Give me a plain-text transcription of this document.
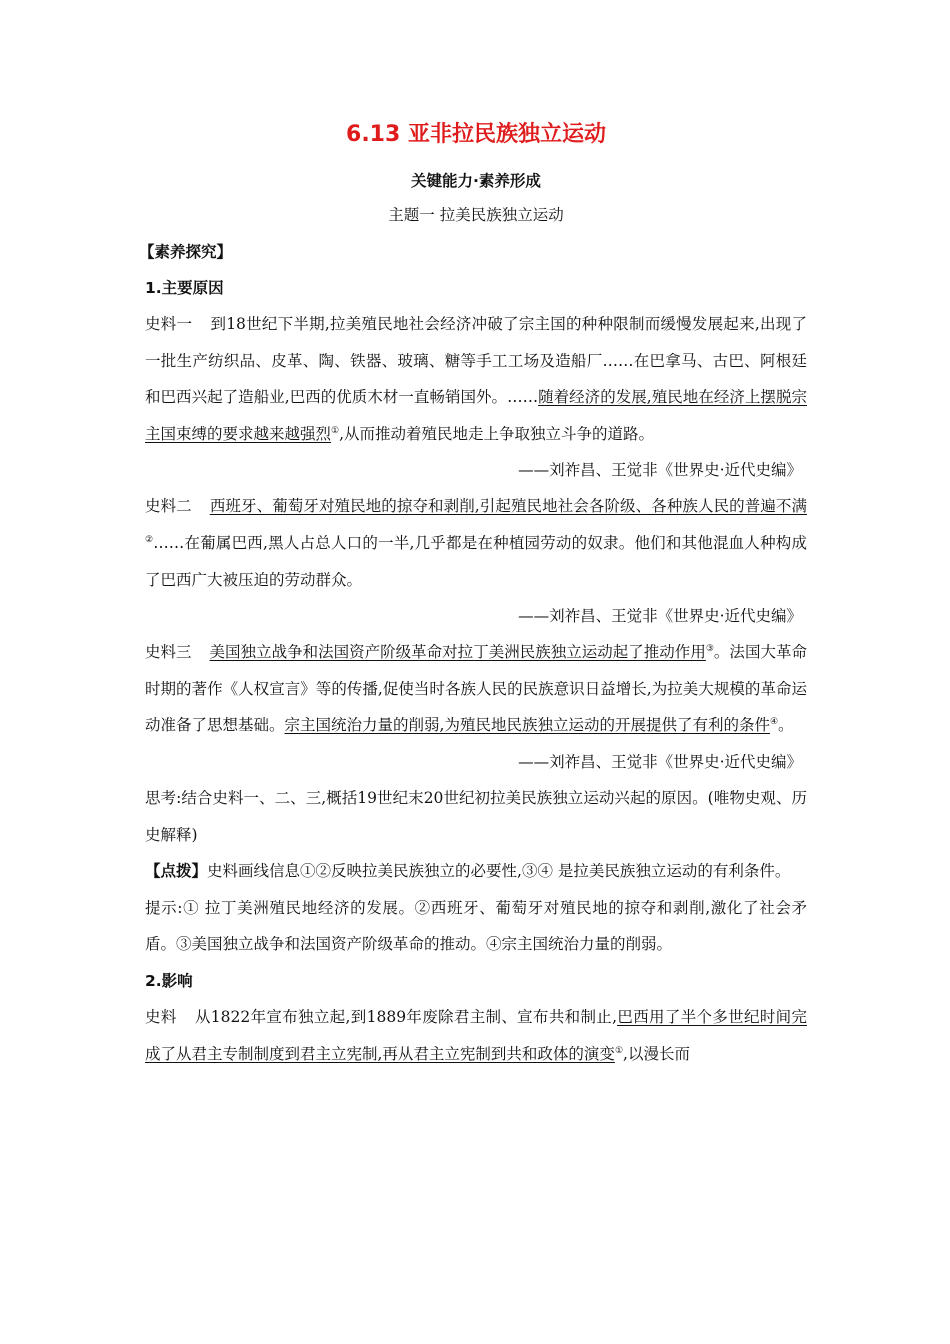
6.13 亚非拉民族独立运动
关键能力·素养形成
主题一 拉美民族独立运动
【素养探究】
1.主要原因

史料一 到18世纪下半期,拉美殖民地社会经济冲破了宗主国的种种限制而缓慢发展起来,出现了一批生产纺织品、皮革、陶、铁器、玻璃、糖等手工工场及造船厂……在巴拿马、古巴、阿根廷和巴西兴起了造船业,巴西的优质木材一直畅销国外。……随着经济的发展,殖民地在经济上摆脱宗主国束缚的要求越来越强烈①,从而推动着殖民地走上争取独立斗争的道路。

——刘祚昌、王觉非《世界史·近代史编》

史料二 西班牙、葡萄牙对殖民地的掠夺和剥削,引起殖民地社会各阶级、各种族人民的普遍不满②……在葡属巴西,黑人占总人口的一半,几乎都是在种植园劳动的奴隶。他们和其他混血人种构成了巴西广大被压迫的劳动群众。

——刘祚昌、王觉非《世界史·近代史编》

史料三 美国独立战争和法国资产阶级革命对拉丁美洲民族独立运动起了推动作用③。法国大革命时期的著作《人权宣言》等的传播,促使当时各族人民的民族意识日益增长,为拉美大规模的革命运动准备了思想基础。宗主国统治力量的削弱,为殖民地民族独立运动的开展提供了有利的条件④。

——刘祚昌、王觉非《世界史·近代史编》

思考:结合史料一、二、三,概括19世纪末20世纪初拉美民族独立运动兴起的原因。(唯物史观、历史解释)

【点拨】史料画线信息①②反映拉美民族独立的必要性,③④ 是拉美民族独立运动的有利条件。

提示:① 拉丁美洲殖民地经济的发展。②西班牙、葡萄牙对殖民地的掠夺和剥削,激化了社会矛盾。③美国独立战争和法国资产阶级革命的推动。④宗主国统治力量的削弱。

2.影响

史料 从1822年宣布独立起,到1889年废除君主制、宣布共和制止,巴西用了半个多世纪时间完成了从君主专制制度到君主立宪制,再从君主立宪制到共和政体的演变①,以漫长而
